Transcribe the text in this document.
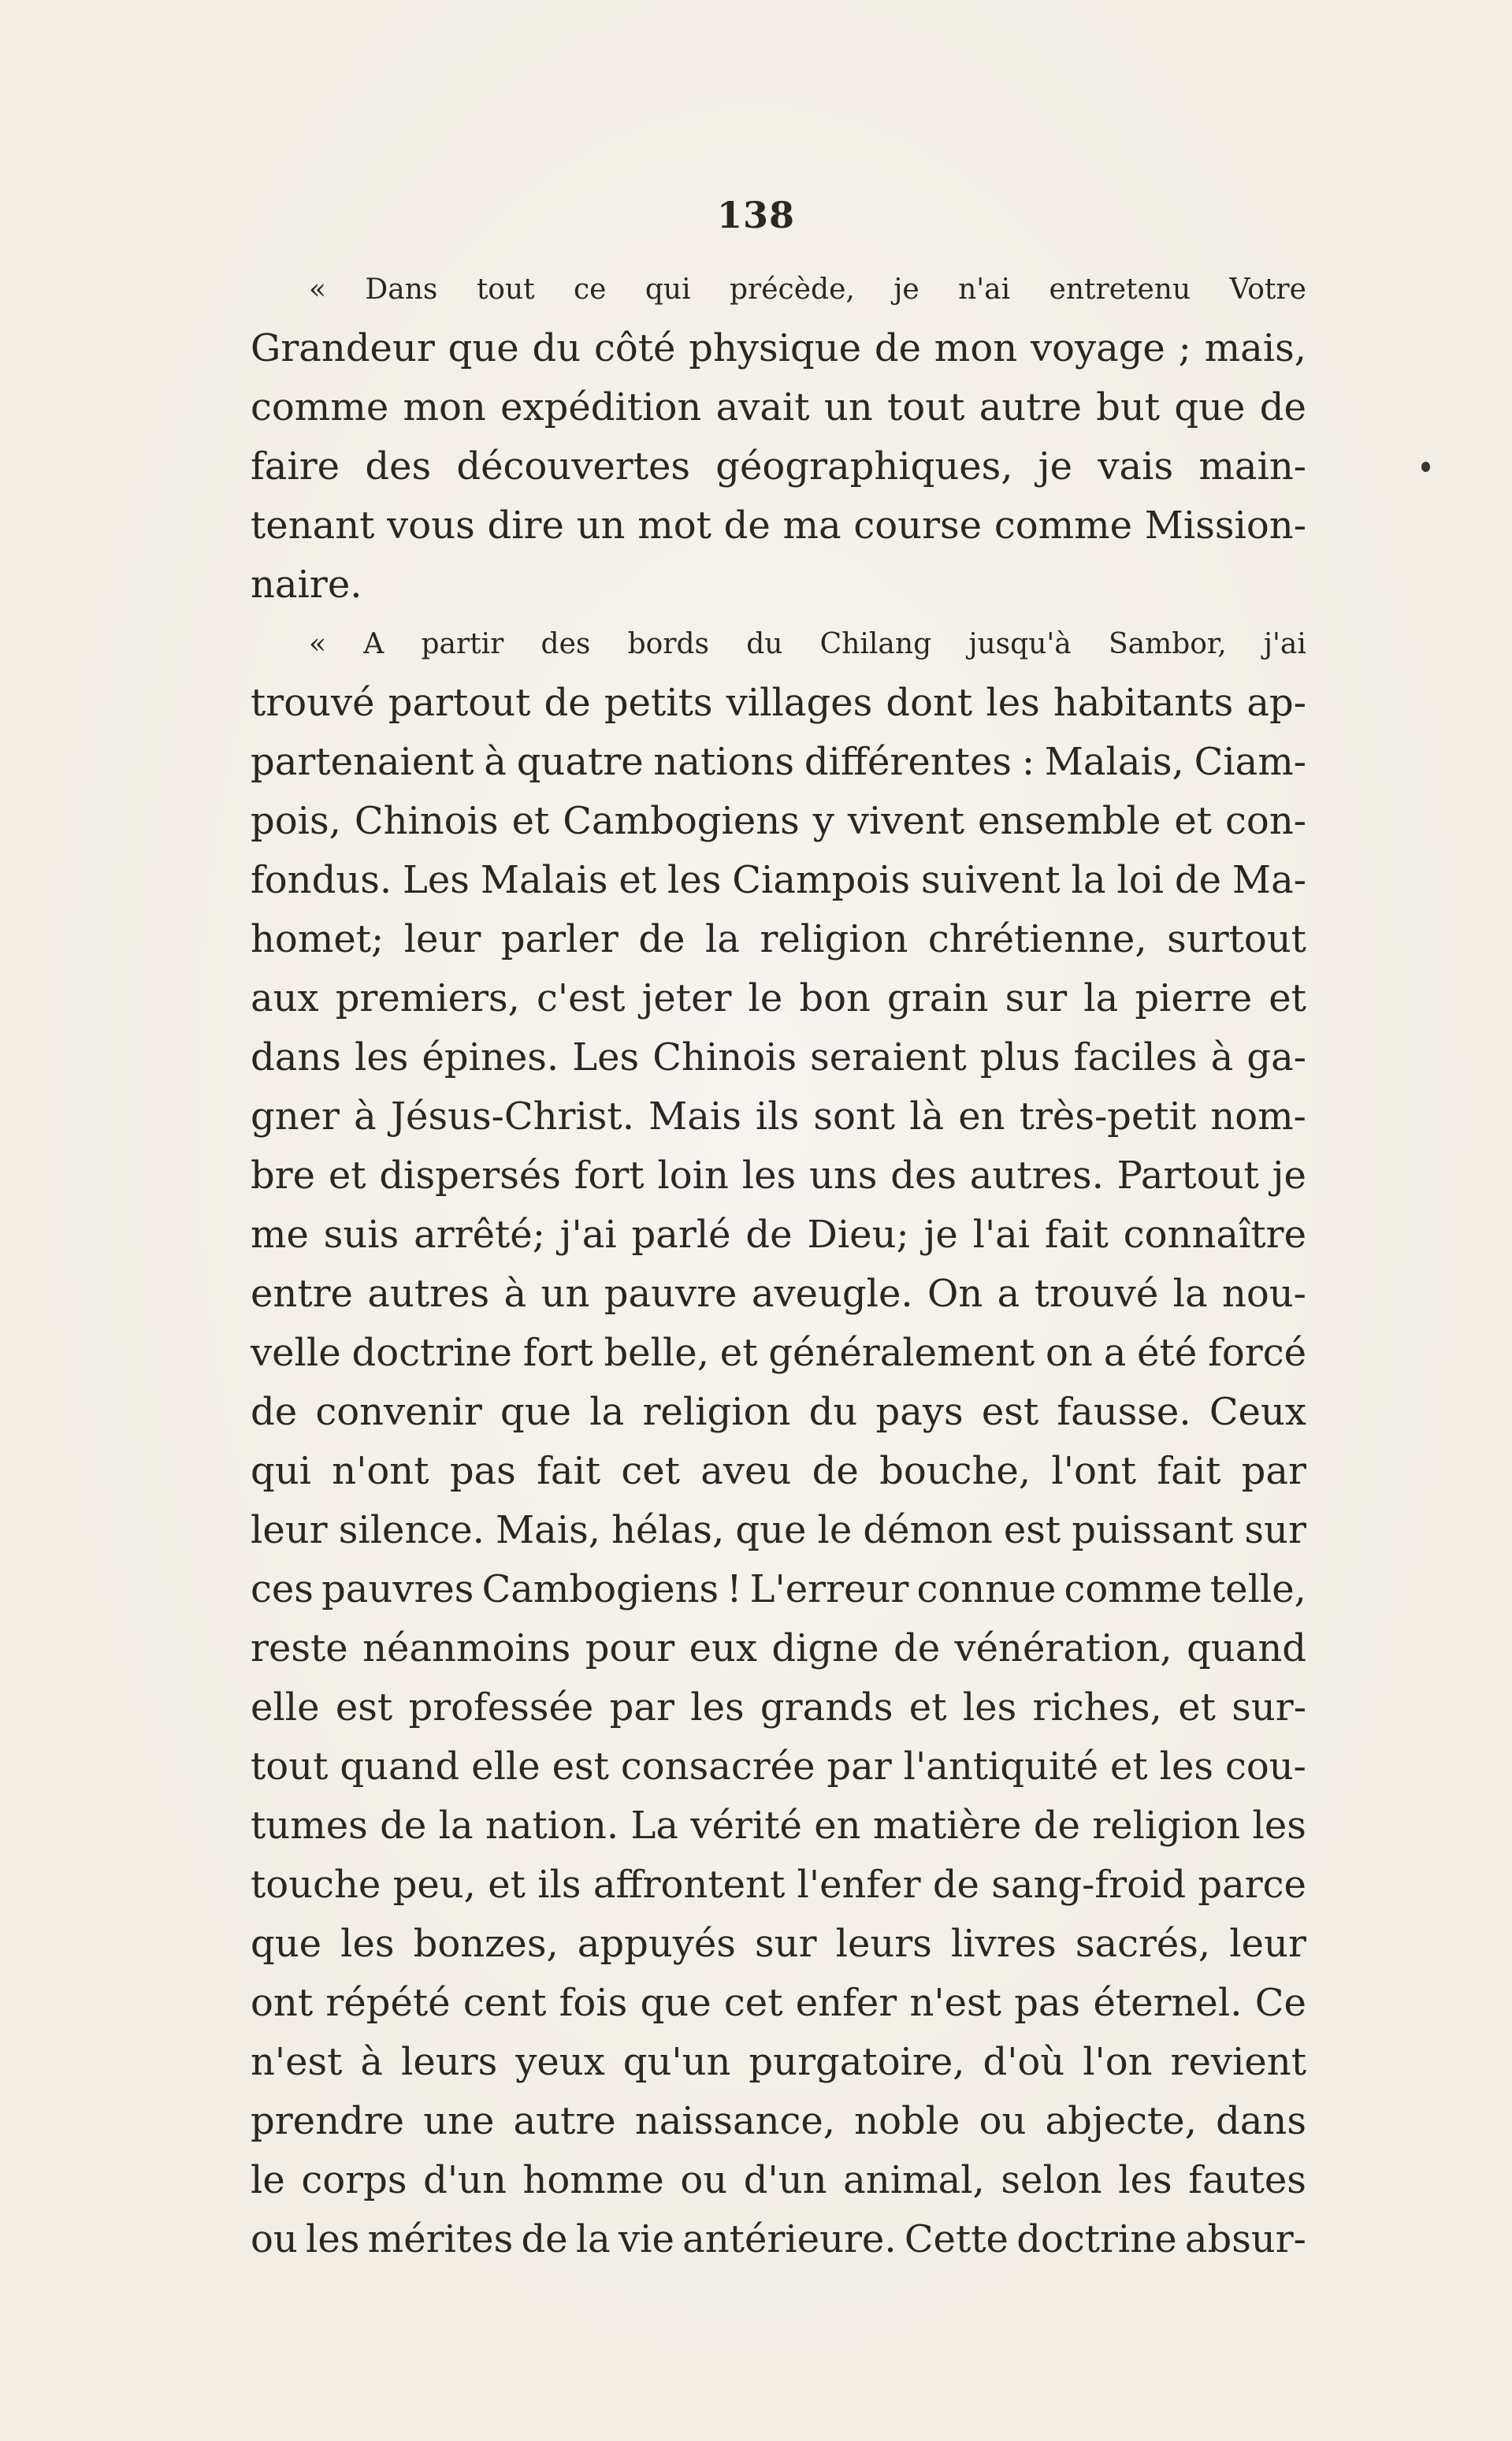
138
« Dans tout ce qui précède, je n'ai entretenu Votre
Grandeur que du côté physique de mon voyage ; mais,
comme mon expédition avait un tout autre but que de
faire des découvertes géographiques, je vais main-
tenant vous dire un mot de ma course comme Mission-
naire.
« A partir des bords du Chilang jusqu'à Sambor, j'ai
trouvé partout de petits villages dont les habitants ap-
partenaient à quatre nations différentes : Malais, Ciam-
pois, Chinois et Cambogiens y vivent ensemble et con-
fondus. Les Malais et les Ciampois suivent la loi de Ma-
homet; leur parler de la religion chrétienne, surtout
aux premiers, c'est jeter le bon grain sur la pierre et
dans les épines. Les Chinois seraient plus faciles à ga-
gner à Jésus-Christ. Mais ils sont là en très-petit nom-
bre et dispersés fort loin les uns des autres. Partout je
me suis arrêté; j'ai parlé de Dieu; je l'ai fait connaître
entre autres à un pauvre aveugle. On a trouvé la nou-
velle doctrine fort belle, et généralement on a été forcé
de convenir que la religion du pays est fausse. Ceux
qui n'ont pas fait cet aveu de bouche, l'ont fait par
leur silence. Mais, hélas, que le démon est puissant sur
ces pauvres Cambogiens ! L'erreur connue comme telle,
reste néanmoins pour eux digne de vénération, quand
elle est professée par les grands et les riches, et sur-
tout quand elle est consacrée par l'antiquité et les cou-
tumes de la nation. La vérité en matière de religion les
touche peu, et ils affrontent l'enfer de sang-froid parce
que les bonzes, appuyés sur leurs livres sacrés, leur
ont répété cent fois que cet enfer n'est pas éternel. Ce
n'est à leurs yeux qu'un purgatoire, d'où l'on revient
prendre une autre naissance, noble ou abjecte, dans
le corps d'un homme ou d'un animal, selon les fautes
ou les mérites de la vie antérieure. Cette doctrine absur-
